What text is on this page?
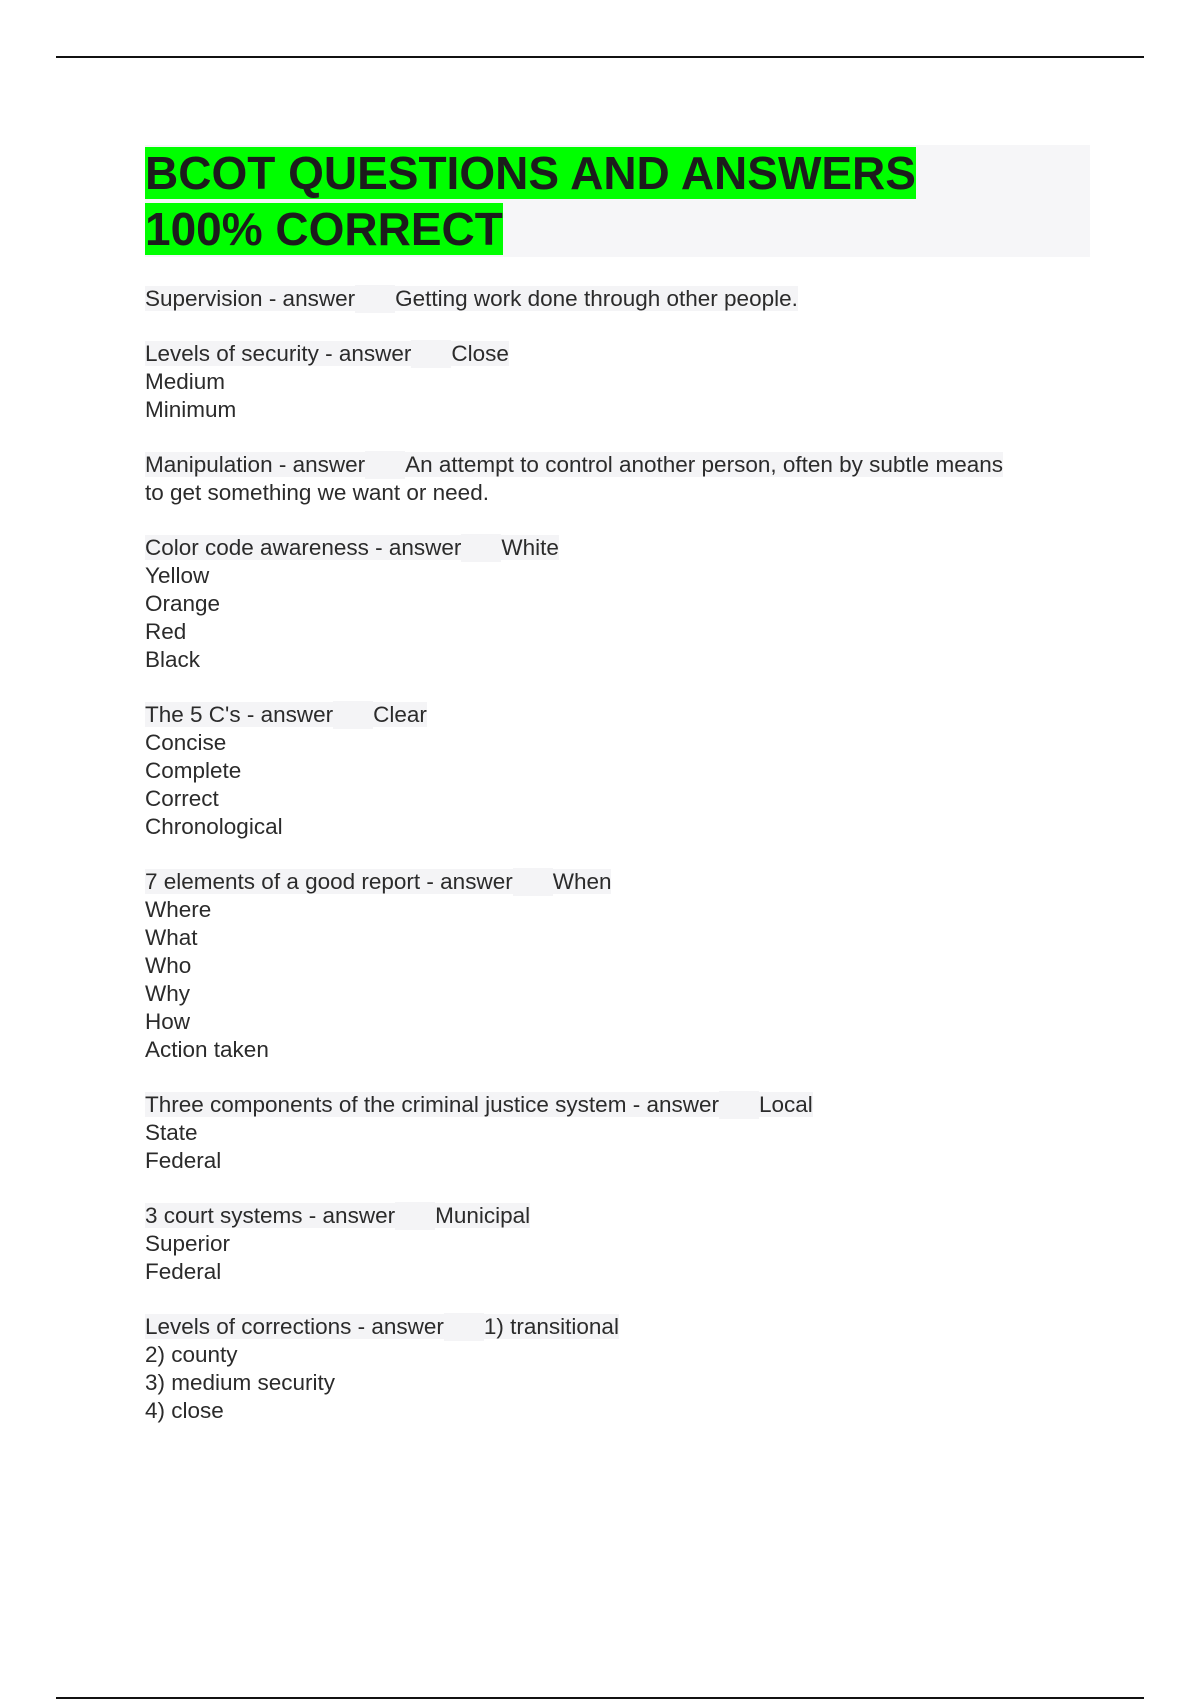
BCOT QUESTIONS AND ANSWERS
100% CORRECT
Supervision - answer Getting work done through other people.
Levels of security - answer Close
Medium
Minimum
Manipulation - answer An attempt to control another person, often by subtle means
to get something we want or need.
Color code awareness - answer White
Yellow
Orange
Red
Black
The 5 C's - answer Clear
Concise
Complete
Correct
Chronological
7 elements of a good report - answer When
Where
What
Who
Why
How
Action taken
Three components of the criminal justice system - answer Local
State
Federal
3 court systems - answer Municipal
Superior
Federal
Levels of corrections - answer 1) transitional
2) county
3) medium security
4) close
